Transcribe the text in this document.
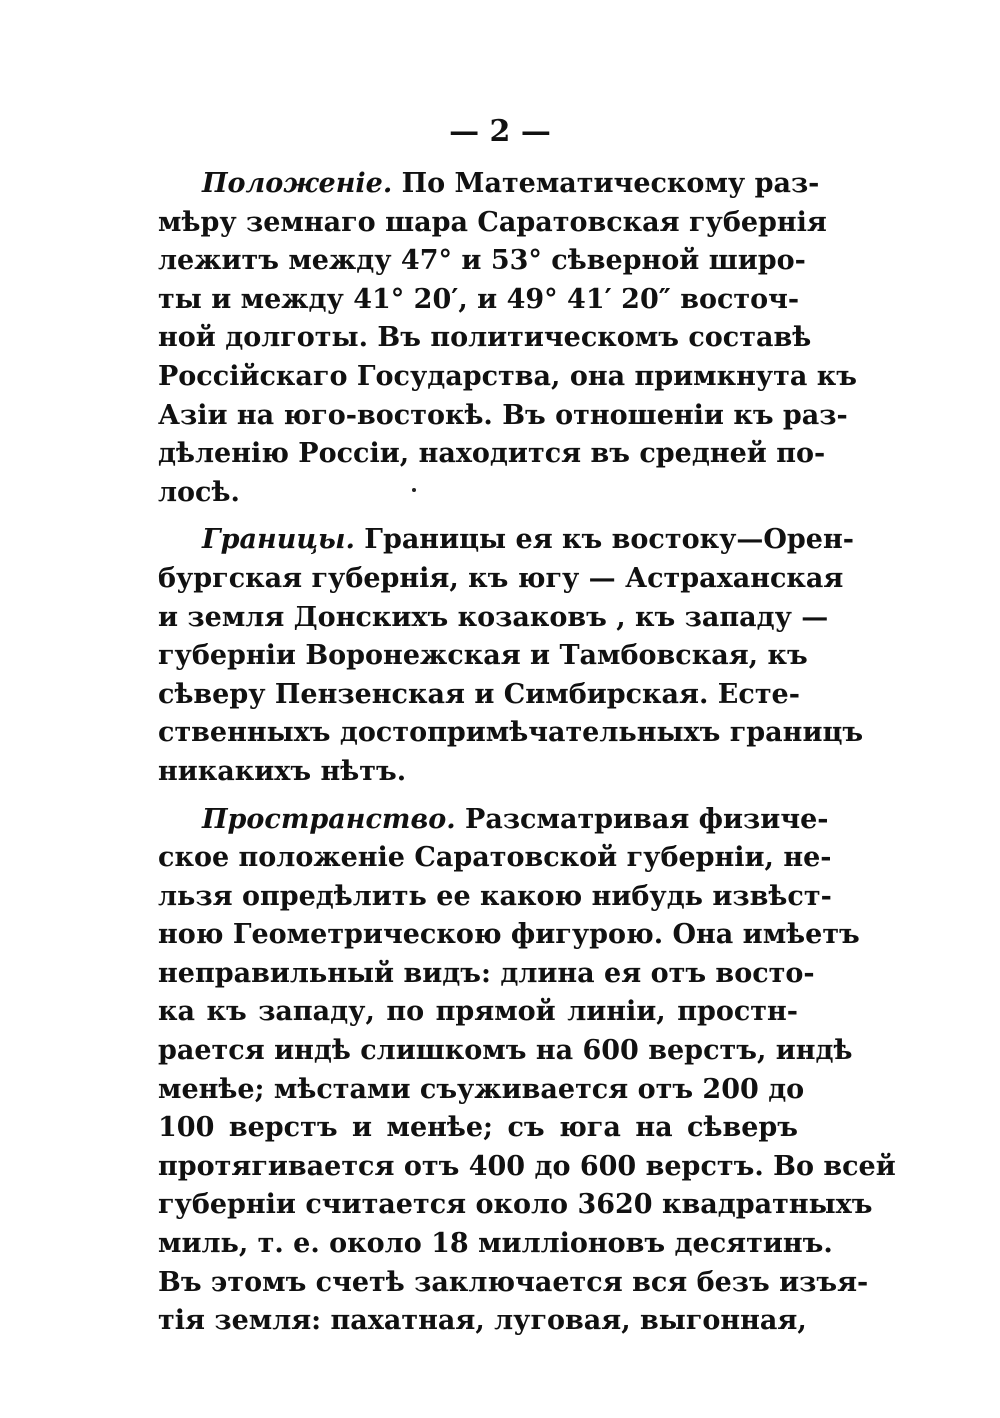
— 2 —
Положенie. По Математическому раз-
мѣру земнаго шара Саратовская губернія
лежитъ между 47° и 53° сѣверной широ-
ты и между 41° 20′, и 49° 41′ 20″ восточ-
ной долготы. Въ политическомъ составѣ
Россійскаго Государства, она примкнута къ
Азіи на юго-востокѣ. Въ отношеніи къ раз-
дѣленію Россіи, находится въ средней по-
лосѣ.
Границы. Границы ея къ востоку—Орен-
бургская губернія, къ югу — Астраханская
и земля Донскихъ козаковъ , къ западу —
губерніи Воронежская и Тамбовская, къ
сѣверу Пензенская и Симбирская. Есте-
ственныхъ достопримѣчательныхъ границъ
никакихъ нѣтъ.
Пространство. Разсматривая физиче-
ское положеніе Саратовской губерніи, не-
льзя опредѣлить ее какою нибудь извѣст-
ною Геометрическою фигурою. Она имѣетъ
неправильный видъ: длина ея отъ восто-
ка къ западу, по прямой линіи, простн-
рается индѣ слишкомъ на 600 верстъ, индѣ
менѣе; мѣстами съуживается отъ 200 до
100 верстъ и менѣе; съ юга на сѣверъ
протягивается отъ 400 до 600 верстъ. Во всей
губерніи считается около 3620 квадратныхъ
миль, т. е. около 18 милліоновъ десятинъ.
Въ этомъ счетѣ заключается вся безъ изъя-
тія земля: пахатная, луговая, выгонная,
